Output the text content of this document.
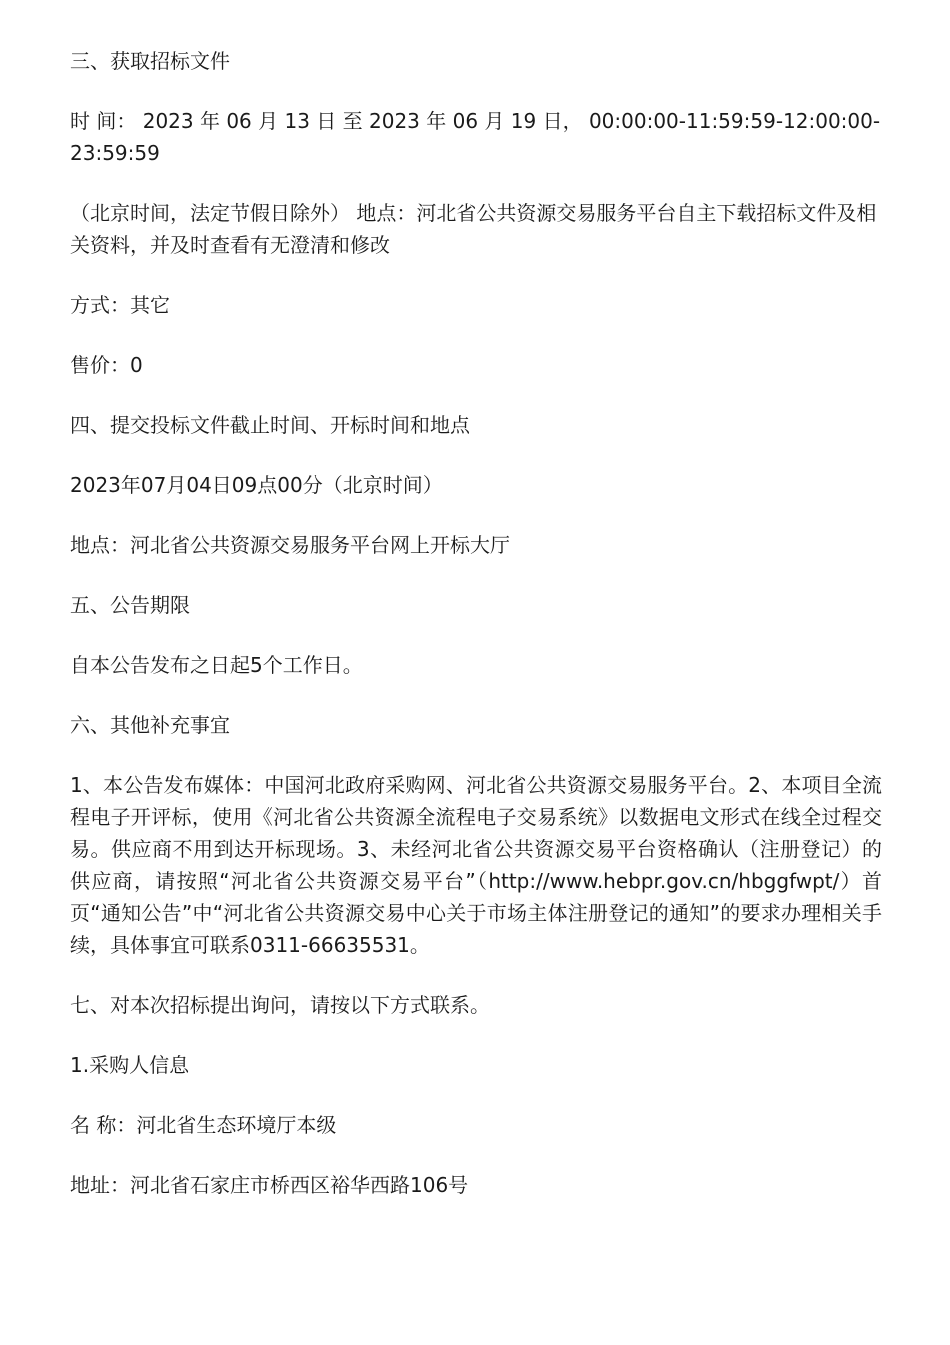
三、获取招标文件

时 间： 2023 年 06 月 13 日 至 2023 年 06 月 19 日， 00:00:00-11:59:59-12:00:00-23:59:59

（北京时间，法定节假日除外） 地点：河北省公共资源交易服务平台自主下载招标文件及相关资料，并及时查看有无澄清和修改

方式：其它

售价：0

四、提交投标文件截止时间、开标时间和地点

2023年07月04日09点00分（北京时间）

地点：河北省公共资源交易服务平台网上开标大厅

五、公告期限

自本公告发布之日起5个工作日。

六、其他补充事宜

1、本公告发布媒体：中国河北政府采购网、河北省公共资源交易服务平台。2、本项目全流程电子开评标，使用《河北省公共资源全流程电子交易系统》以数据电文形式在线全过程交易。供应商不用到达开标现场。3、未经河北省公共资源交易平台资格确认（注册登记）的供应商，请按照“河北省公共资源交易平台”（http://www.hebpr.gov.cn/hbggfwpt/）首页“通知公告”中“河北省公共资源交易中心关于市场主体注册登记的通知”的要求办理相关手续，具体事宜可联系0311-66635531。

七、对本次招标提出询问，请按以下方式联系。

1.采购人信息

名 称：河北省生态环境厅本级

地址：河北省石家庄市桥西区裕华西路106号
